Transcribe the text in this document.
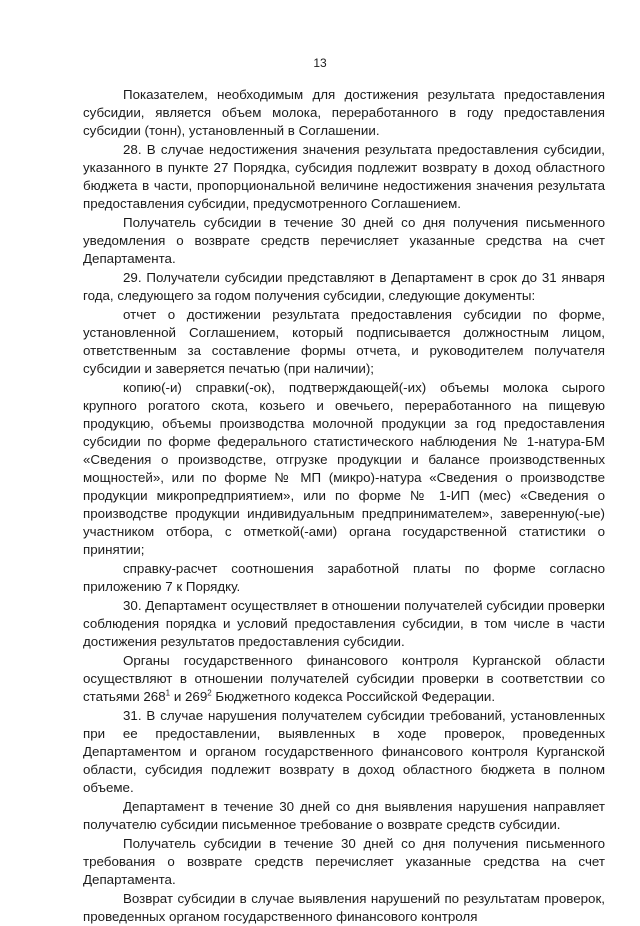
13

Показателем, необходимым для достижения результата предоставления субсидии, является объем молока, переработанного в году предоставления субсидии (тонн), установленный в Соглашении.

28. В случае недостижения значения результата предоставления субсидии, указанного в пункте 27 Порядка, субсидия подлежит возврату в доход областного бюджета в части, пропорциональной величине недостижения значения результата предоставления субсидии, предусмотренного Соглашением.

Получатель субсидии в течение 30 дней со дня получения письменного уведомления о возврате средств перечисляет указанные средства на счет Департамента.

29. Получатели субсидии представляют в Департамент в срок до 31 января года, следующего за годом получения субсидии, следующие документы:

отчет о достижении результата предоставления субсидии по форме, установленной Соглашением, который подписывается должностным лицом, ответственным за составление формы отчета, и руководителем получателя субсидии и заверяется печатью (при наличии);

копию(-и) справки(-ок), подтверждающей(-их) объемы молока сырого крупного рогатого скота, козьего и овечьего, переработанного на пищевую продукцию, объемы производства молочной продукции за год предоставления субсидии по форме федерального статистического наблюдения № 1-натура-БМ «Сведения о производстве, отгрузке продукции и балансе производственных мощностей», или по форме № МП (микро)-натура «Сведения о производстве продукции микропредприятием», или по форме № 1-ИП (мес) «Сведения о производстве продукции индивидуальным предпринимателем», заверенную(-ые) участником отбора, с отметкой(-ами) органа государственной статистики о принятии;

справку-расчет соотношения заработной платы по форме согласно приложению 7 к Порядку.

30. Департамент осуществляет в отношении получателей субсидии проверки соблюдения порядка и условий предоставления субсидии, в том числе в части достижения результатов предоставления субсидии.

Органы государственного финансового контроля Курганской области осуществляют в отношении получателей субсидии проверки в соответствии со статьями $268^1$ и $269^2$ Бюджетного кодекса Российской Федерации.

31. В случае нарушения получателем субсидии требований, установленных при ее предоставлении, выявленных в ходе проверок, проведенных Департаментом и органом государственного финансового контроля Курганской области, субсидия подлежит возврату в доход областного бюджета в полном объеме.

Департамент в течение 30 дней со дня выявления нарушения направляет получателю субсидии письменное требование о возврате средств субсидии.

Получатель субсидии в течение 30 дней со дня получения письменного требования о возврате средств перечисляет указанные средства на счет Департамента.

Возврат субсидии в случае выявления нарушений по результатам проверок, проведенных органом государственного финансового контроля
